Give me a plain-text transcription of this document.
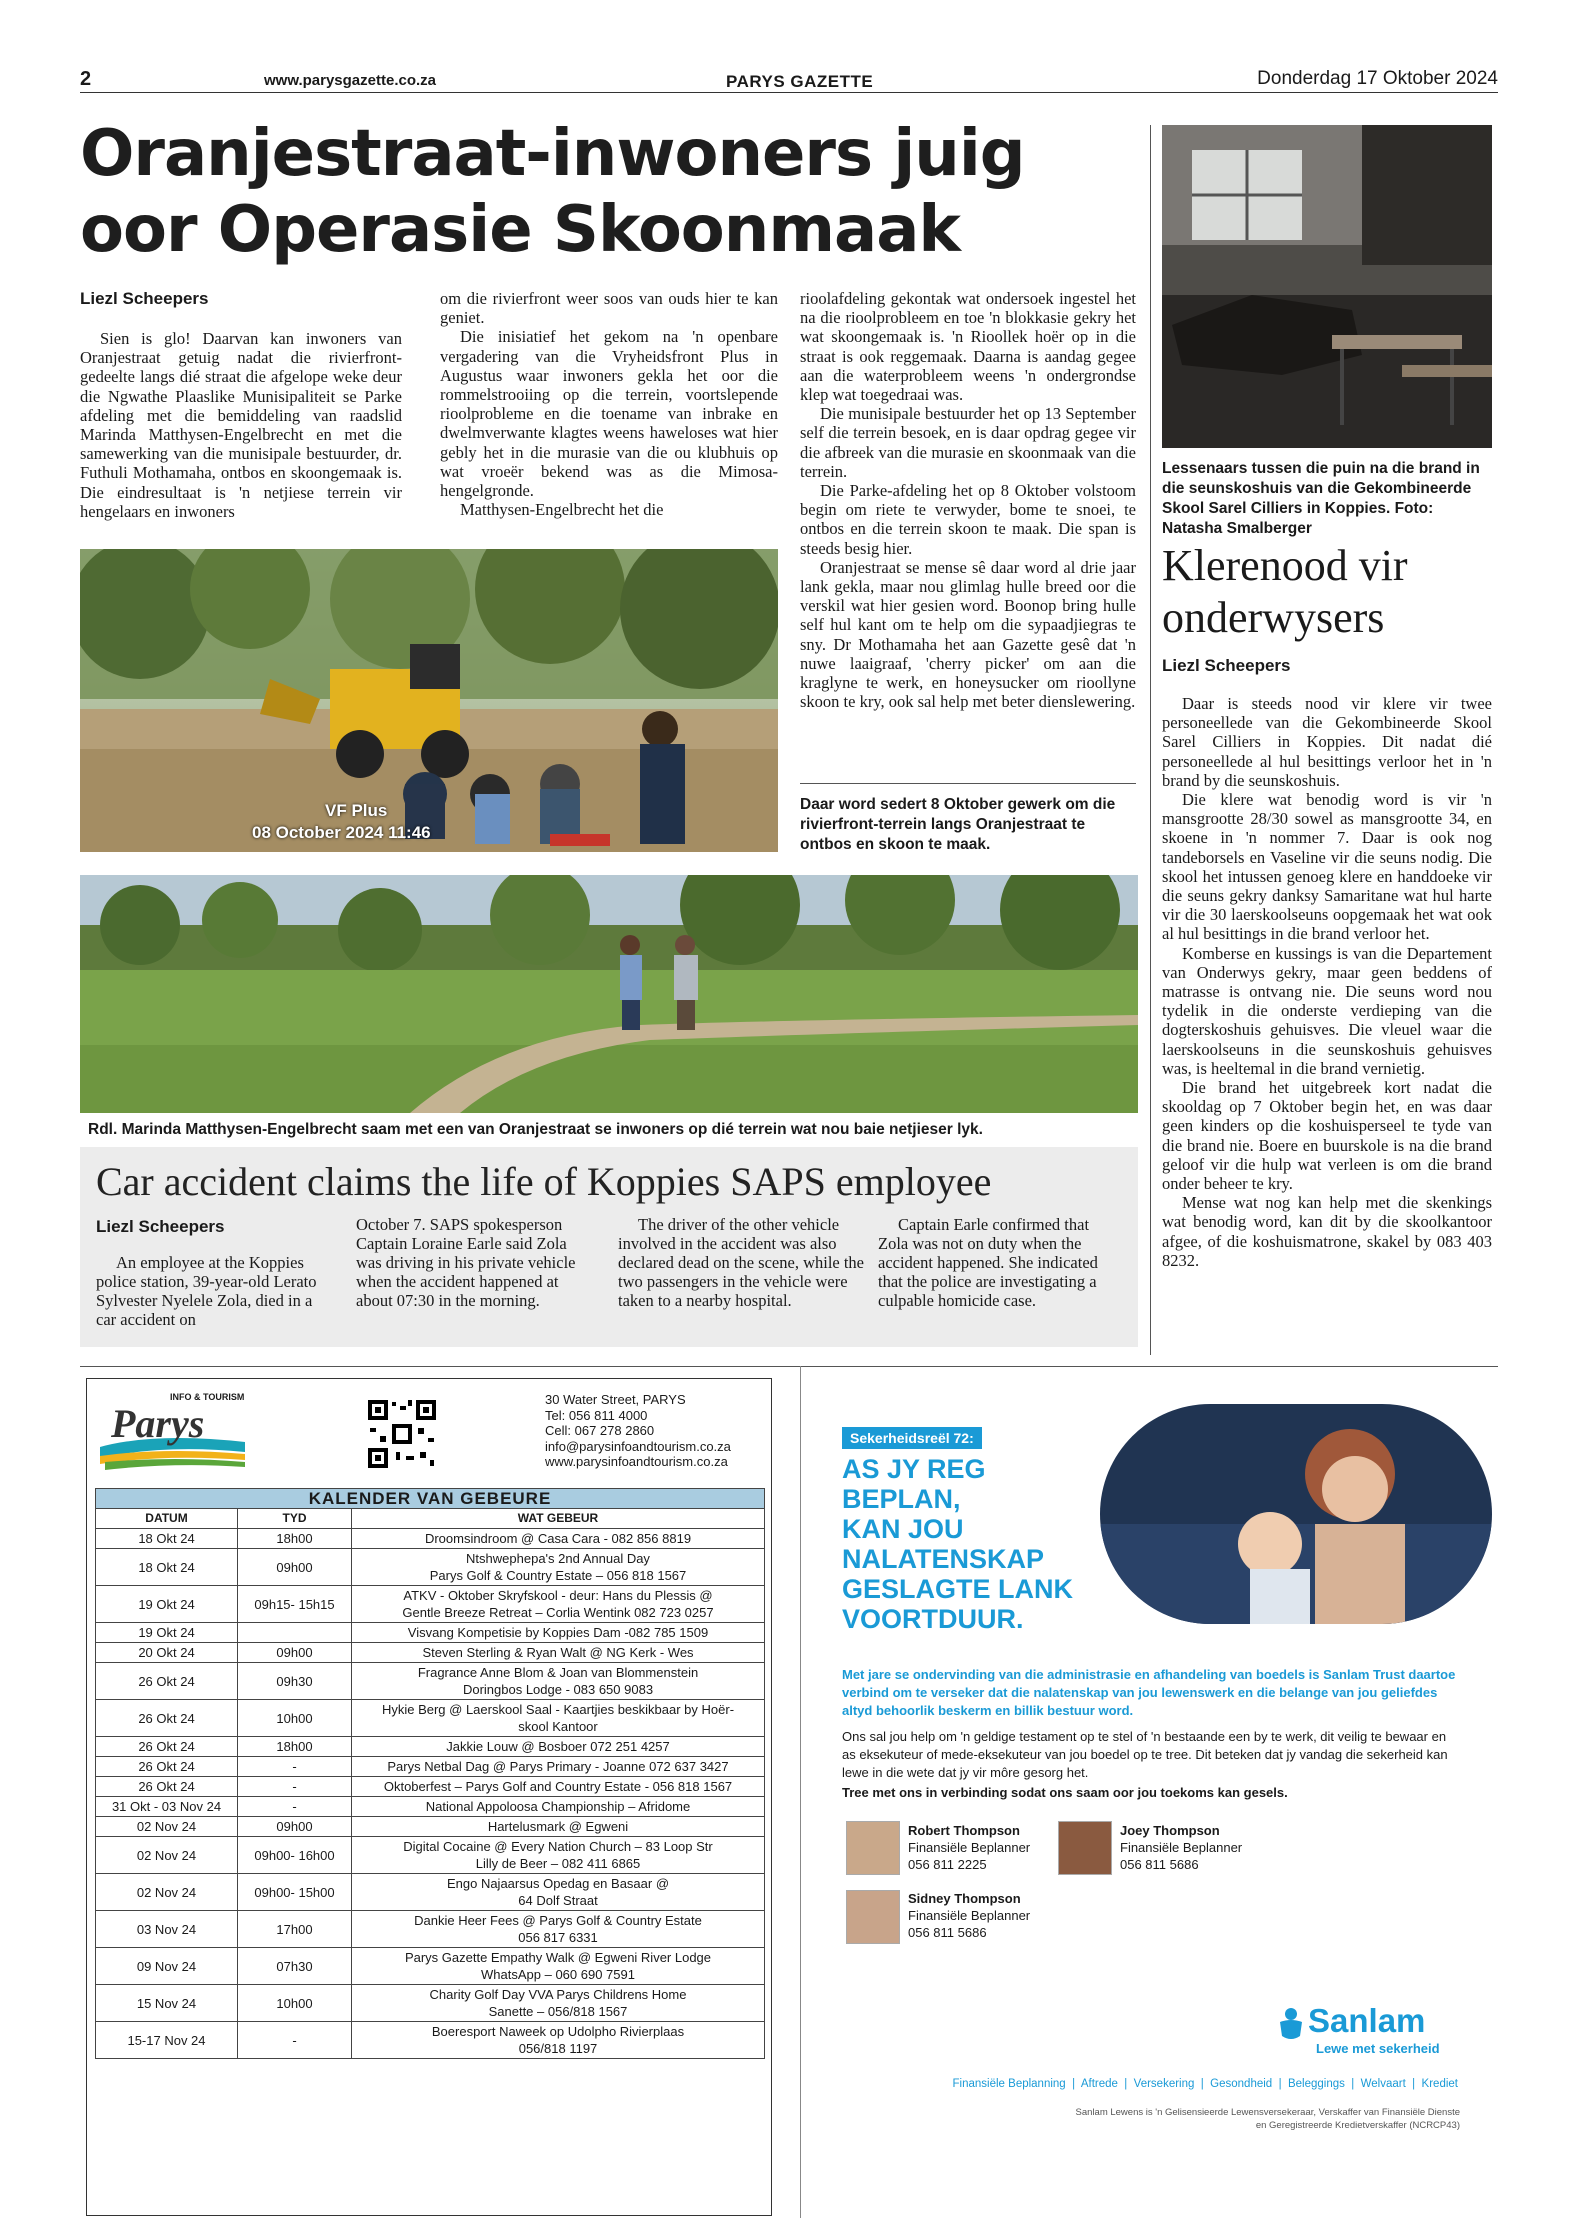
2	www.parysgazette.co.za	PARYS GAZETTE	Donderdag 17 Oktober 2024
Oranjestraat-inwoners juig
oor Operasie Skoonmaak
Liezl Scheepers

Sien is glo! Daarvan kan inwoners van Oranjestraat getuig nadat die rivierfront-gedeelte langs dié straat die afgelope weke deur die Ngwathe Plaaslike Munisipaliteit se Parke afdeling met die bemiddeling van raadslid Marinda Matthysen-Engelbrecht en met die samewerking van die munisipale bestuurder, dr. Futhuli Mothamaha, ontbos en skoongemaak is. Die eindresultaat is 'n netjiese terrein vir hengelaars en inwoners

om die rivierfront weer soos van ouds hier te kan geniet.

Die inisiatief het gekom na 'n openbare vergadering van die Vryheidsfront Plus in Augustus waar inwoners gekla het oor die rommelstrooiing op die terrein, voortslepende rioolprobleme en die toename van inbrake en dwelmverwante klagtes weens haweloses wat hier gebly het in die murasie van die ou klubhuis op wat vroeër bekend was as die Mimosa-hengelgronde.

Matthysen-Engelbrecht het die

rioolafdeling gekontak wat ondersoek ingestel het na die rioolprobleem en toe 'n blokkasie gekry het wat skoongemaak is. 'n Rioollek hoër op in die straat is ook reggemaak. Daarna is aandag gegee aan die waterprobleem weens 'n ondergrondse klep wat toegedraai was.

Die munisipale bestuurder het op 13 September self die terrein besoek, en is daar opdrag gegee vir die afbreek van die murasie en skoonmaak van die terrein.

Die Parke-afdeling het op 8 Oktober volstoom begin om riete te verwyder, bome te snoei, te ontbos en die terrein skoon te maak. Die span is steeds besig hier.

Oranjestraat se mense sê daar word al drie jaar lank gekla, maar nou glimlag hulle breed oor die verskil wat hier gesien word. Boonop bring hulle self hul kant om te help om die sypaadjiegras te sny. Dr Mothamaha het aan Gazette gesê dat 'n nuwe laaigraaf, 'cherry picker' om aan die kraglyne te werk, en honeysucker om rioollyne skoon te kry, ook sal help met beter dienslewering.

VF Plus
08 October 2024 11:46
Daar word sedert 8 Oktober gewerk om die rivierfront-terrein langs Oranjestraat te ontbos en skoon te maak.
Rdl. Marinda Matthysen-Engelbrecht saam met een van Oranjestraat se inwoners op dié terrein wat nou baie netjieser lyk.
Car accident claims the life of Koppies SAPS employee
Liezl Scheepers

An employee at the Koppies police station, 39-year-old Lerato Sylvester Nyelele Zola, died in a car accident on

October 7. SAPS spokesperson Captain Loraine Earle said Zola was driving in his private vehicle when the accident happened at about 07:30 in the morning.

The driver of the other vehicle involved in the accident was also declared dead on the scene, while the two passengers in the vehicle were taken to a nearby hospital.

Captain Earle confirmed that Zola was not on duty when the accident happened. She indicated that the police are investigating a culpable homicide case.

Lessenaars tussen die puin na die brand in die seunskoshuis van die Gekombineerde Skool Sarel Cilliers in Koppies. Foto: Natasha Smalberger
Klerenood vir
onderwysers
Liezl Scheepers

Daar is steeds nood vir klere vir twee personeellede van die Gekombineerde Skool Sarel Cilliers in Koppies. Dit nadat dié personeellede al hul besittings verloor het in 'n brand by die seunskoshuis.

Die klere wat benodig word is vir 'n mansgrootte 28/30 sowel as mansgrootte 34, en skoene in 'n nommer 7. Daar is ook nog tandeborsels en Vaseline vir die seuns nodig. Die skool het intussen genoeg klere en handdoeke vir die seuns gekry danksy Samaritane wat hul harte vir die 30 laerskoolseuns oopgemaak het wat ook al hul besittings in die brand verloor het.

Komberse en kussings is van die Departement van Onderwys gekry, maar geen beddens of matrasse is ontvang nie. Die seuns word nou tydelik in die onderste verdieping van die dogterskoshuis gehuisves. Die vleuel waar die laerskoolseuns in die seunskoshuis gehuisves was, is heeltemal in die brand vernietig.

Die brand het uitgebreek kort nadat die skooldag op 7 Oktober begin het, en was daar geen kinders op die koshuisperseel te tyde van die brand nie. Boere en buurskole is na die brand geloof vir die hulp wat verleen is om die brand onder beheer te kry.

Mense wat nog kan help met die skenkings wat benodig word, kan dit by die skoolkantoor afgee, of die koshuismatrone, skakel by 083 403 8232.

INFO & TOURISM
Parys
30 Water Street, PARYS
Tel: 056 811 4000
Cell: 067 278 2860
info@parysinfoandtourism.co.za
www.parysinfoandtourism.co.za
KALENDER VAN GEBEURE		
DATUM	TYD	WAT GEBEUR
18 Okt 24	18h00	Droomsindroom @ Casa Cara - 082 856 8819
18 Okt 24	09h00	Ntshwephepa's 2nd Annual Day
Parys Golf & Country Estate – 056 818 1567
19 Okt 24	09h15- 15h15	ATKV - Oktober Skryfskool - deur: Hans du Plessis @
Gentle Breeze Retreat – Corlia Wentink 082 723 0257
19 Okt 24		Visvang Kompetisie by Koppies Dam -082 785 1509
20 Okt 24	09h00	Steven Sterling & Ryan Walt @ NG Kerk - Wes
26 Okt 24	09h30	Fragrance Anne Blom & Joan van Blommenstein
Doringbos Lodge - 083 650 9083
26 Okt 24	10h00	Hykie Berg @ Laerskool Saal - Kaartjies beskikbaar by Hoër-
skool Kantoor
26 Okt 24	18h00	Jakkie Louw @ Bosboer 072 251 4257
26 Okt 24	-	Parys Netbal Dag @ Parys Primary - Joanne 072 637 3427
26 Okt 24	-	Oktoberfest – Parys Golf and Country Estate - 056 818 1567
31 Okt - 03 Nov 24	-	National Appoloosa Championship – Afridome
02 Nov 24	09h00	Hartelusmark @ Egweni
02 Nov 24	09h00- 16h00	Digital Cocaine @ Every Nation Church – 83 Loop Str
Lilly de Beer – 082 411 6865
02 Nov 24	09h00- 15h00	Engo Najaarsus Opedag en Basaar @
64 Dolf Straat
03 Nov 24	17h00	Dankie Heer Fees @ Parys Golf & Country Estate
056 817 6331
09 Nov 24	07h30	Parys Gazette Empathy Walk @ Egweni River Lodge
WhatsApp – 060 690 7591
15 Nov 24	10h00	Charity Golf Day VVA Parys Childrens Home
Sanette – 056/818 1567
15-17 Nov 24	-	Boeresport Naweek op Udolpho Rivierplaas
056/818 1197
Sekerheidsreël 72:
AS JY REG
BEPLAN,
KAN JOU
NALATENSKAP
GESLAGTE LANK
VOORTDUUR.
Met jare se ondervinding van die administrasie en afhandeling van boedels is Sanlam Trust daartoe verbind om te verseker dat die nalatenskap van jou lewenswerk en die belange van jou geliefdes altyd behoorlik beskerm en billik bestuur word.
Ons sal jou help om 'n geldige testament op te stel of 'n bestaande een by te werk, dit veilig te bewaar en as eksekuteur of mede-eksekuteur van jou boedel op te tree. Dit beteken dat jy vandag die sekerheid kan lewe in die wete dat jy vir môre gesorg het.
Tree met ons in verbinding sodat ons saam oor jou toekoms kan gesels.
Robert Thompson
Finansiële Beplanner
056 811 2225
Joey Thompson
Finansiële Beplanner
056 811 5686
Sidney Thompson
Finansiële Beplanner
056 811 5686
Sanlam
Lewe met sekerheid
Finansiële Beplanning  |  Aftrede  |  Versekering  |  Gesondheid  |  Beleggings  |  Welvaart  |  Krediet
Sanlam Lewens is 'n Gelisensieerde Lewensversekeraar, Verskaffer van Finansiële Dienste
en Geregistreerde Kredietverskaffer (NCRCP43)
